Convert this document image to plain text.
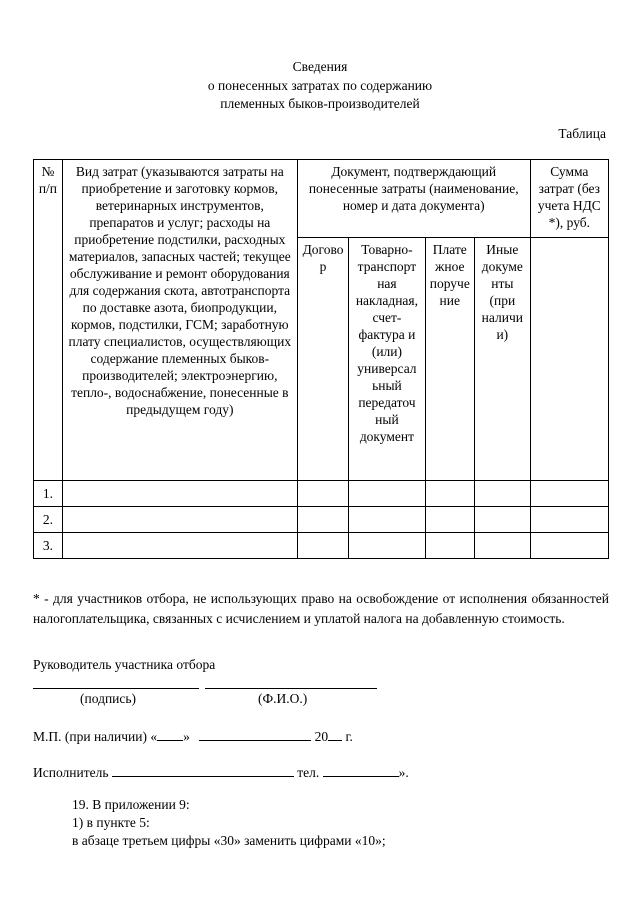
Сведения
о понесенных затратах по содержанию
племенных быков-производителей
Таблица
№ п/п	Вид затрат (указываются затраты на приобретение и заготовку кормов, ветеринарных инструментов, препаратов и услуг; расходы на приобретение подстилки, расходных материалов, запасных частей; текущее обслуживание и ремонт оборудования для содержания скота, автотранспорта по доставке азота, биопродукции, кормов, подстилки, ГСМ; заработную плату специалистов, осуществляющих содержание племенных быков-производителей; электроэнергию, тепло-, водоснабжение, понесенные в предыдущем году)	Документ, подтверждающий понесенные затраты (наименование, номер и дата документа)				Сумма затрат (без учета НДС *), руб.
		Догово р	Товарно-транспорт ная накладная, счет-фактура и (или) универсал ьный передаточ ный документ	Плате жное поруче ние	Иные докуме нты (при наличи и)	
1.						
2.						
3.						
* - для участников отбора, не использующих право на освобождение от исполнения обязанностей налогоплательщика, связанных с исчислением и уплатой налога на добавленную стоимость.
Руководитель участника отбора
(подпись)	(Ф.И.О.)
М.П. (при наличии) « »	20 г.
Исполнитель	тел.	».
19. В приложении 9:
1) в пункте 5:
в абзаце третьем цифры «30» заменить цифрами «10»;
